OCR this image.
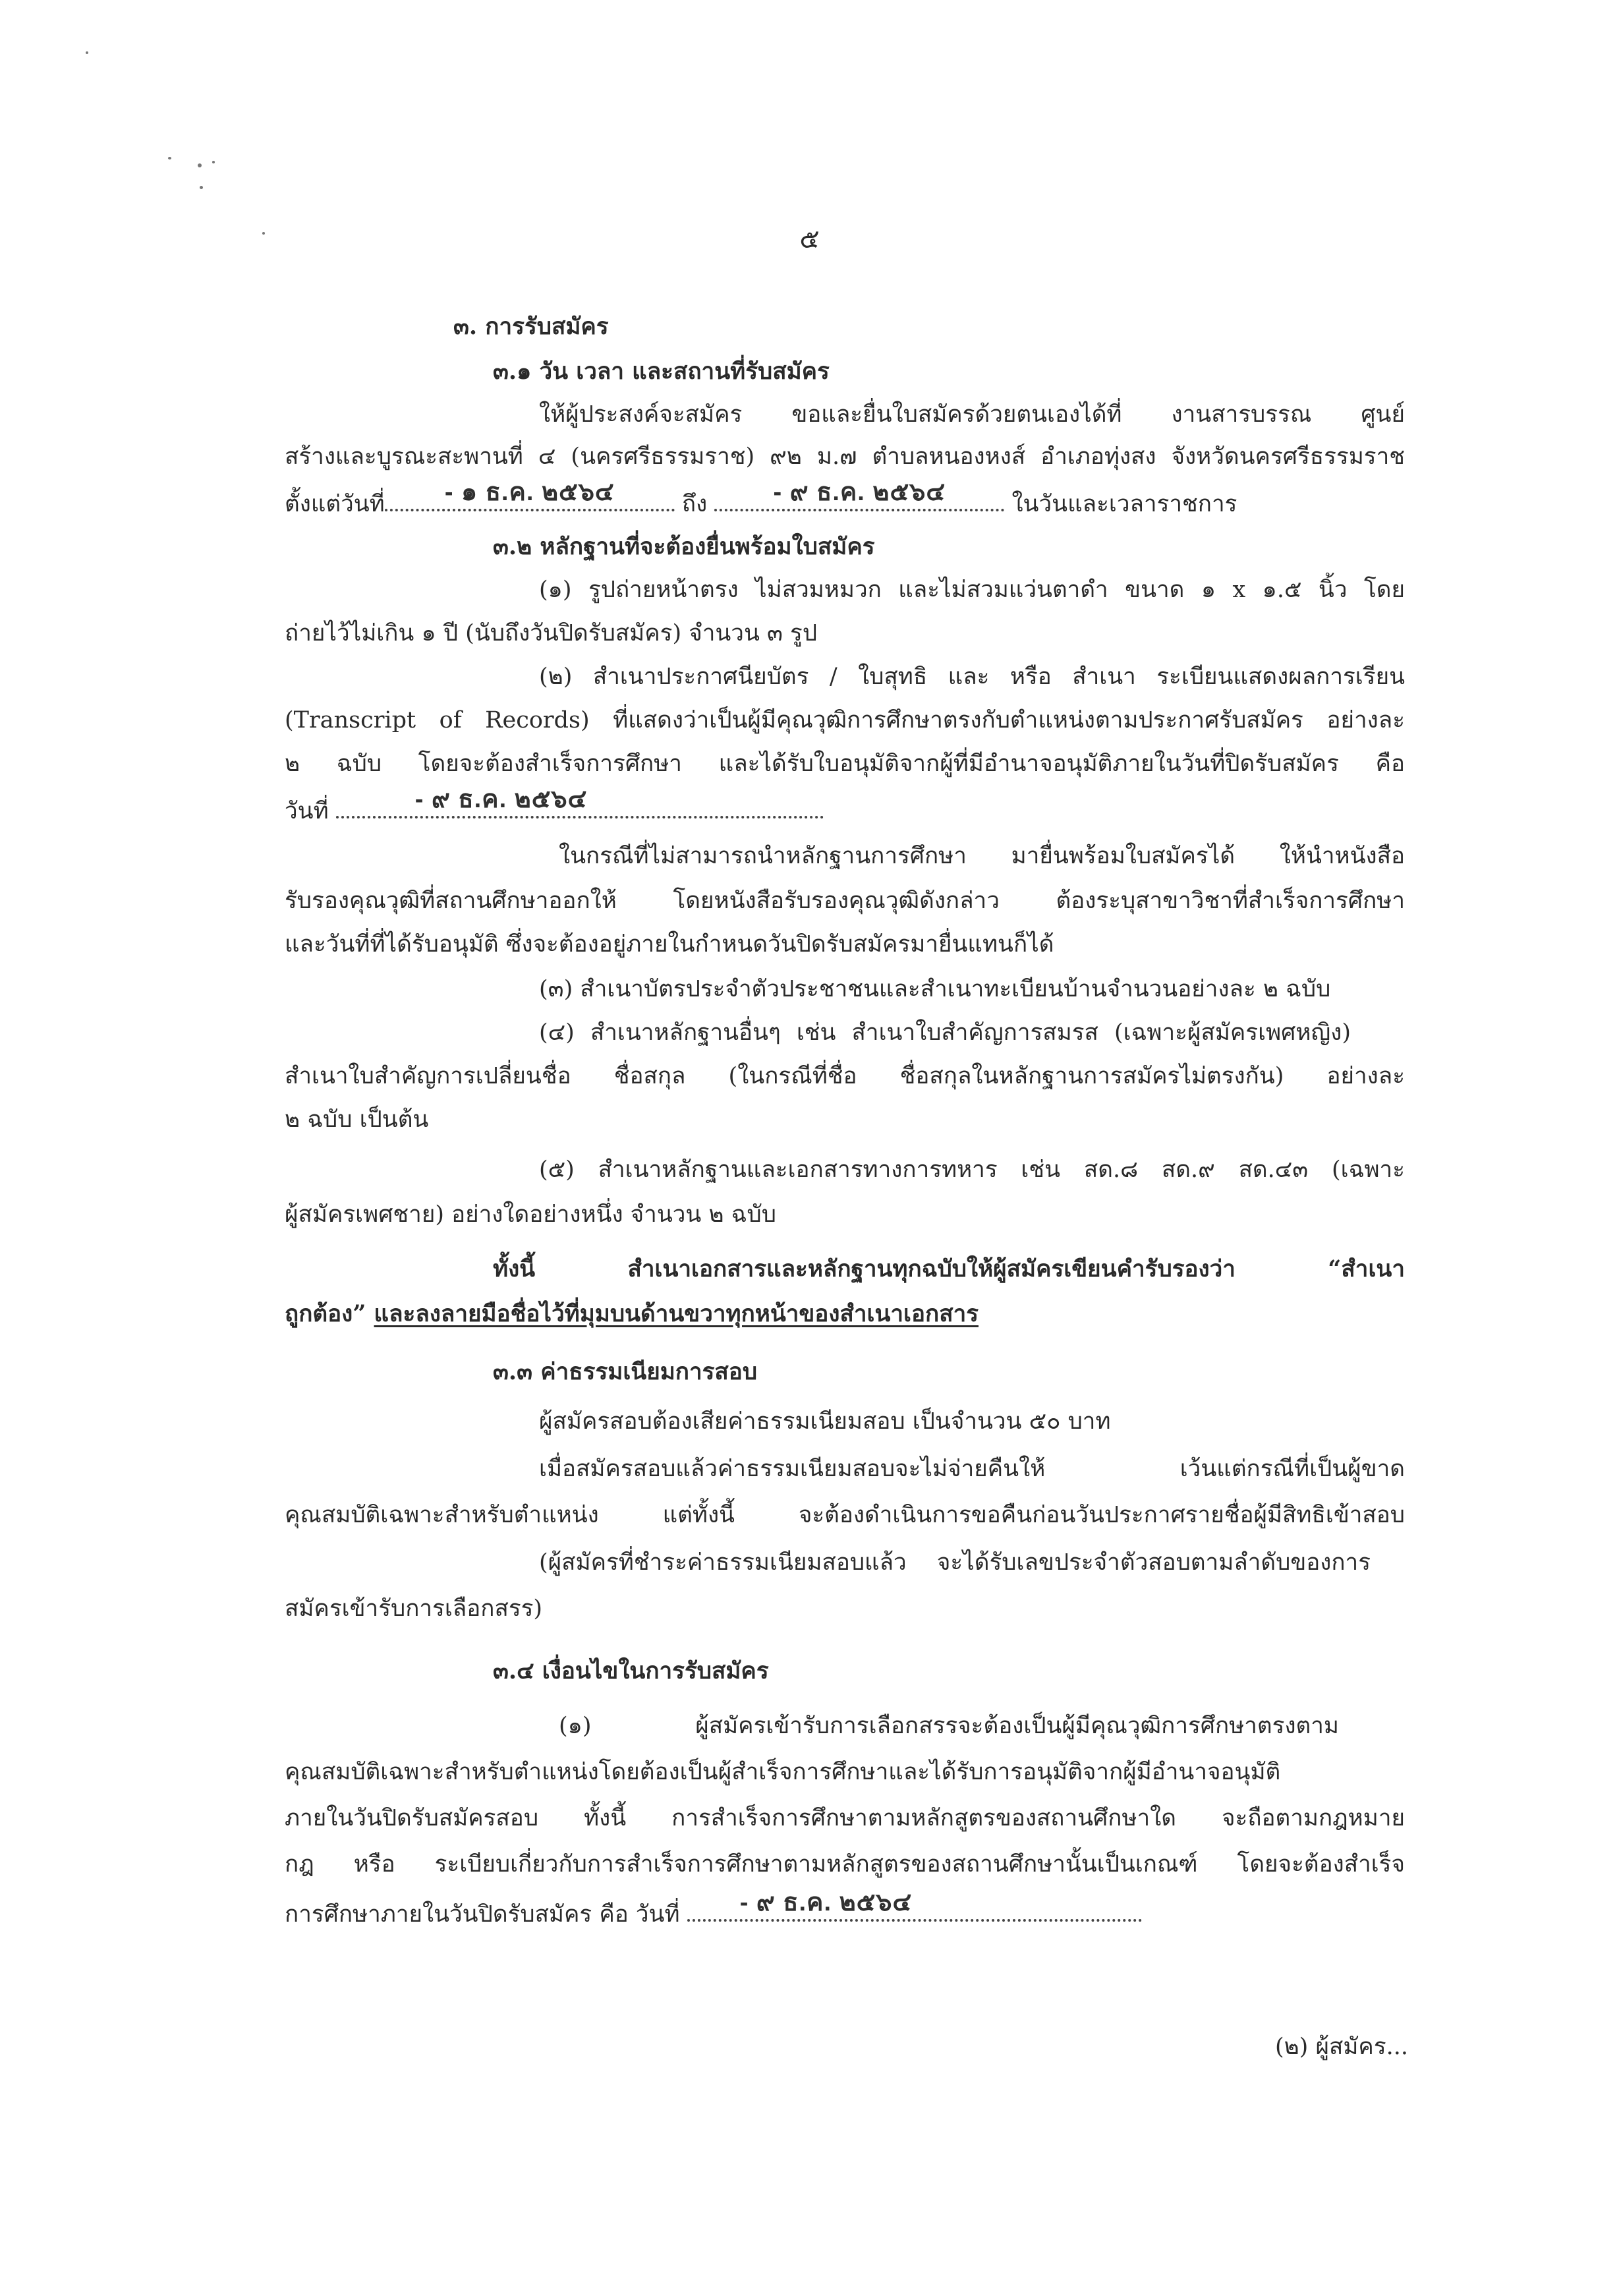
๕
๓. การรับสมัคร
๓.๑ วัน เวลา และสถานที่รับสมัคร
ให้ผู้ประสงค์จะสมัคร ขอและยื่นใบสมัครด้วยตนเองได้ที่ งานสารบรรณ ศูนย์
สร้างและบูรณะสะพานที่ ๔ (นครศรีธรรมราช) ๙๒ ม.๗ ตำบลหนองหงส์ อำเภอทุ่งสง จังหวัดนครศรีธรรมราช
ตั้งแต่วันที่	- ๑ ธ.ค. ๒๕๖๔	ถึง	- ๙ ธ.ค. ๒๕๖๔	ในวันและเวลาราชการ
๓.๒ หลักฐานที่จะต้องยื่นพร้อมใบสมัคร
(๑) รูปถ่ายหน้าตรง ไม่สวมหมวก และไม่สวมแว่นตาดำ ขนาด ๑ x ๑.๕ นิ้ว โดย
ถ่ายไว้ไม่เกิน ๑ ปี (นับถึงวันปิดรับสมัคร) จำนวน ๓ รูป
(๒) สำเนาประกาศนียบัตร / ใบสุทธิ และ หรือ สำเนา ระเบียนแสดงผลการเรียน
(Transcript of Records) ที่แสดงว่าเป็นผู้มีคุณวุฒิการศึกษาตรงกับตำแหน่งตามประกาศรับสมัคร อย่างละ
๒ ฉบับ โดยจะต้องสำเร็จการศึกษา และได้รับใบอนุมัติจากผู้ที่มีอำนาจอนุมัติภายในวันที่ปิดรับสมัคร คือ
วันที่	- ๙ ธ.ค. ๒๕๖๔
ในกรณีที่ไม่สามารถนำหลักฐานการศึกษา มายื่นพร้อมใบสมัครได้ ให้นำหนังสือ
รับรองคุณวุฒิที่สถานศึกษาออกให้ โดยหนังสือรับรองคุณวุฒิดังกล่าว ต้องระบุสาขาวิชาที่สำเร็จการศึกษา
และวันที่ที่ได้รับอนุมัติ ซึ่งจะต้องอยู่ภายในกำหนดวันปิดรับสมัครมายื่นแทนก็ได้
(๓) สำเนาบัตรประจำตัวประชาชนและสำเนาทะเบียนบ้านจำนวนอย่างละ ๒ ฉบับ
(๔) สำเนาหลักฐานอื่นๆ เช่น สำเนาใบสำคัญการสมรส (เฉพาะผู้สมัครเพศหญิง)
สำเนาใบสำคัญการเปลี่ยนชื่อ ชื่อสกุล (ในกรณีที่ชื่อ ชื่อสกุลในหลักฐานการสมัครไม่ตรงกัน) อย่างละ
๒ ฉบับ เป็นต้น
(๕) สำเนาหลักฐานและเอกสารทางการทหาร เช่น สด.๘ สด.๙ สด.๔๓ (เฉพาะ
ผู้สมัครเพศชาย) อย่างใดอย่างหนึ่ง จำนวน ๒ ฉบับ
ทั้งนี้ สำเนาเอกสารและหลักฐานทุกฉบับให้ผู้สมัครเขียนคำรับรองว่า “สำเนา
ถูกต้อง” และลงลายมือชื่อไว้ที่มุมบนด้านขวาทุกหน้าของสำเนาเอกสาร
๓.๓ ค่าธรรมเนียมการสอบ
ผู้สมัครสอบต้องเสียค่าธรรมเนียมสอบ เป็นจำนวน ๕๐ บาท
เมื่อสมัครสอบแล้วค่าธรรมเนียมสอบจะไม่จ่ายคืนให้ เว้นแต่กรณีที่เป็นผู้ขาด
คุณสมบัติเฉพาะสำหรับตำแหน่ง แต่ทั้งนี้ จะต้องดำเนินการขอคืนก่อนวันประกาศรายชื่อผู้มีสิทธิเข้าสอบ
(ผู้สมัครที่ชำระค่าธรรมเนียมสอบแล้ว จะได้รับเลขประจำตัวสอบตามลำดับของการ
สมัครเข้ารับการเลือกสรร)
๓.๔ เงื่อนไขในการรับสมัคร
(๑) ผู้สมัครเข้ารับการเลือกสรรจะต้องเป็นผู้มีคุณวุฒิการศึกษาตรงตาม
คุณสมบัติเฉพาะสำหรับตำแหน่งโดยต้องเป็นผู้สำเร็จการศึกษาและได้รับการอนุมัติจากผู้มีอำนาจอนุมัติ
ภายในวันปิดรับสมัครสอบ ทั้งนี้ การสำเร็จการศึกษาตามหลักสูตรของสถานศึกษาใด จะถือตามกฎหมาย
กฎ หรือ ระเบียบเกี่ยวกับการสำเร็จการศึกษาตามหลักสูตรของสถานศึกษานั้นเป็นเกณฑ์ โดยจะต้องสำเร็จ
การศึกษาภายในวันปิดรับสมัคร คือ วันที่ - ๙ ธ.ค. ๒๕๖๔
(๒) ผู้สมัคร...
